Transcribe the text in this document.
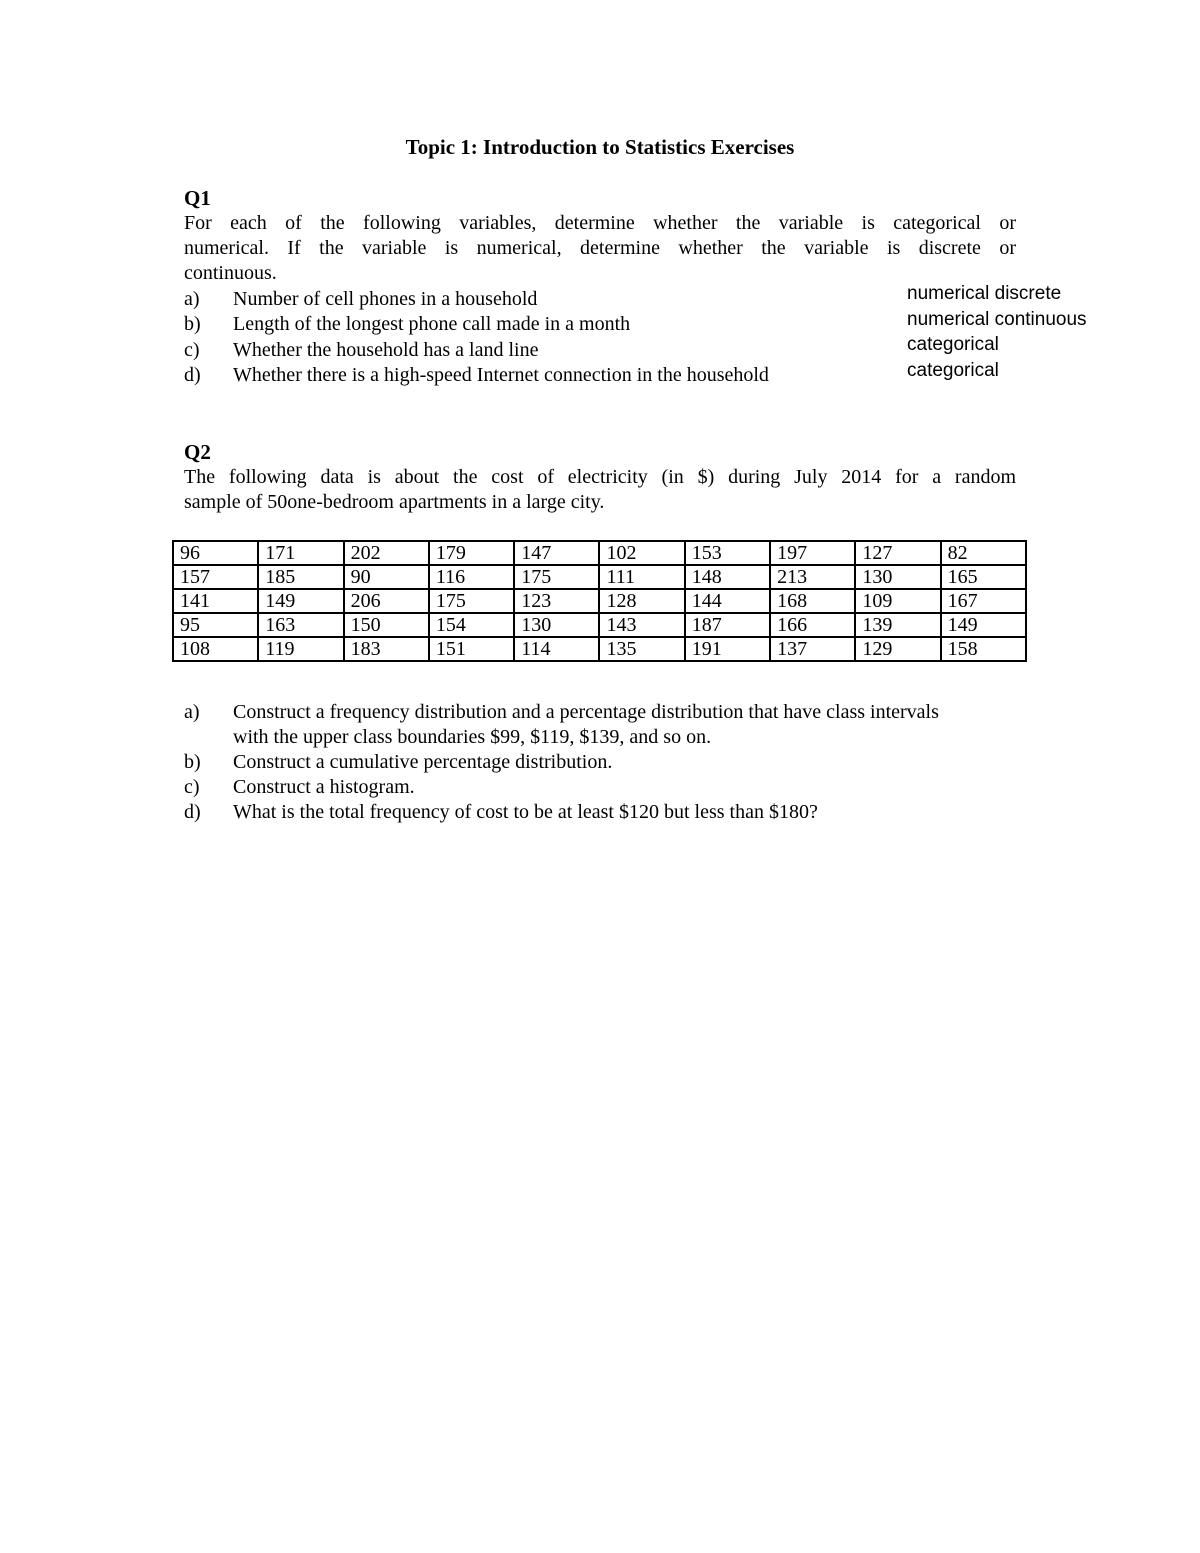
Topic 1: Introduction to Statistics Exercises
Q1
For each of the following variables, determine whether the variable is categorical or
numerical. If the variable is numerical, determine whether the variable is discrete or
continuous.
a) Number of cell phones in a household
b) Length of the longest phone call made in a month
c) Whether the household has a land line
d) Whether there is a high-speed Internet connection in the household
numerical discrete
numerical continuous
categorical
categorical
Q2
The following data is about the cost of electricity (in $) during July 2014 for a random
sample of 50one-bedroom apartments in a large city.
96	171	202	179	147	102	153	197	127	82
157	185	90	116	175	111	148	213	130	165
141	149	206	175	123	128	144	168	109	167
95	163	150	154	130	143	187	166	139	149
108	119	183	151	114	135	191	137	129	158
a) Construct a frequency distribution and a percentage distribution that have class intervals
with the upper class boundaries $99, $119, $139, and so on.
b) Construct a cumulative percentage distribution.
c) Construct a histogram.
d) What is the total frequency of cost to be at least $120 but less than $180?
